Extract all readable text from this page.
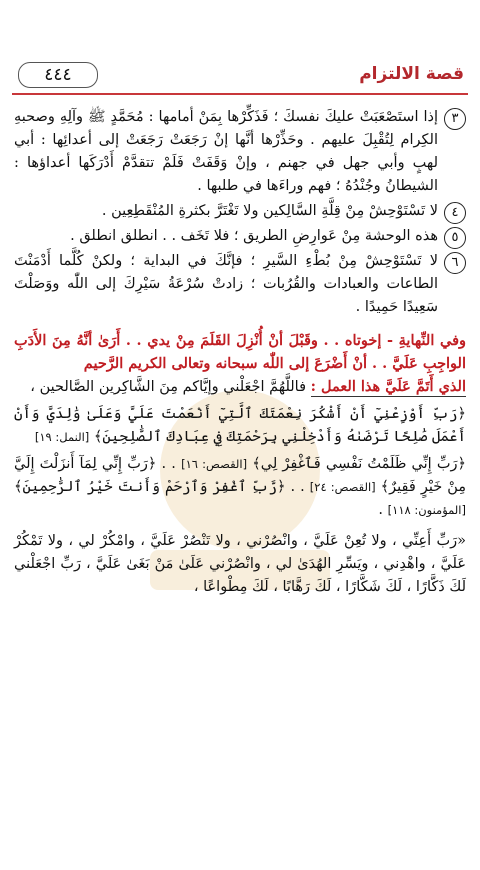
قصة الالتزام
٤٤٤
٣
إذا استَصْعَبَتْ عليكَ نفسكَ ؛ فَذَكِّرْها بِمَنْ أمامها : مُحَمَّدٍ ﷺ وآلِهِ وصحبهِ الكِرام لِتُقْبِلَ عليهم . وحَذِّرْها أنَّها إنْ رَجَعَتْ رَجَعَتْ إلى أعدائِها : أبي لهبٍ وأبي جهل في جهنم ، وإنْ وَقَفَتْ فَلَمْ تتقدَّمْ أَدْرَكَها أعداؤها : الشيطانُ وجُنْدُهُ ؛ فهم وراءَها في طلبها .
٤
لا تَسْتَوْحِشْ مِنْ قِلَّةِ السَّالِكين ولا تَغْتَرَّ بكثرةِ المُنْقَطِعِين .
٥
هذه الوحشة مِنْ عَوارِضِ الطريق ؛ فلا تَخَف . . انطلق انطلق .
٦
لا تَسْتَوْحِشْ مِنْ بُطْءِ السَّيرِ ؛ فإنَّكَ في البداية ؛ ولكنْ كُلَّما أَدْمَنْتَ الطاعات والعبادات والقُرُبات ؛ زادتْ سُرْعَةُ سَيْرِكَ إلى اللّٰه ووَصَلْتَ سَعِيدًا حَمِيدًا .
وفي النِّهايةِ - إخوتاه . . وقَبْلَ أنْ أُنْزِلَ القَلَمَ مِنْ يدي . . أَرَىٰ أنَّهُ مِنَ الأَدَبِ الواجِبِ عَلَيَّ . . أنْ أَضْرَعَ إلى اللّٰه سبحانه وتعالى الكريم الرَّحيم
الذي أَتَمَّ عَلَيَّ هذا العمل : فاللَّهُمَّ اجْعَلْني وإيَّاكم مِنَ الشَّاكِرين الصَّالحين ،
﴿رَبِّ أَوْزِعْنِيٓ أَنْ أَشْكُرَ نِعْمَتَكَ ٱلَّتِيٓ أَنْعَمْتَ عَلَيَّ وَعَلَىٰ وَٰلِدَيَّ وَأَنْ أَعْمَلَ صَٰلِحًا تَرْضَىٰهُ وَأَدْخِلْنِي بِرَحْمَتِكَ فِي عِبَادِكَ ٱلصَّٰلِحِينَ﴾ [النمل: ١٩]
﴿رَبِّ إِنِّي ظَلَمْتُ نَفْسِي فَٱغْفِرْ لِي﴾ [القصص: ١٦] . . ﴿رَبِّ إِنِّي لِمَآ أَنزَلْتَ إِلَيَّ مِنْ خَيْرٍ فَقِيرٌ﴾ [القصص: ٢٤] . . ﴿رَّبِّ ٱغْفِرْ وَٱرْحَمْ وَأَنتَ خَيْرُ ٱلرَّٰحِمِينَ﴾ [المؤمنون: ١١٨] .
«رَبِّ أَعِنِّي ، ولا تُعِنْ عَلَيَّ ، وانْصُرْني ، ولا تَنْصُرْ عَلَيَّ ، وامْكُرْ لي ، ولا تَمْكُرْ عَلَيَّ ، واهْدِني ، ويَسِّرِ الهُدَىٰ لي ، وانْصُرْني عَلَىٰ مَنْ بَغَىٰ عَلَيَّ ، رَبِّ اجْعَلْني لَكَ ذَكَّارًا ، لَكَ شَكَّارًا ، لَكَ رَهَّابًا ، لَكَ مِطْواعًا ،
